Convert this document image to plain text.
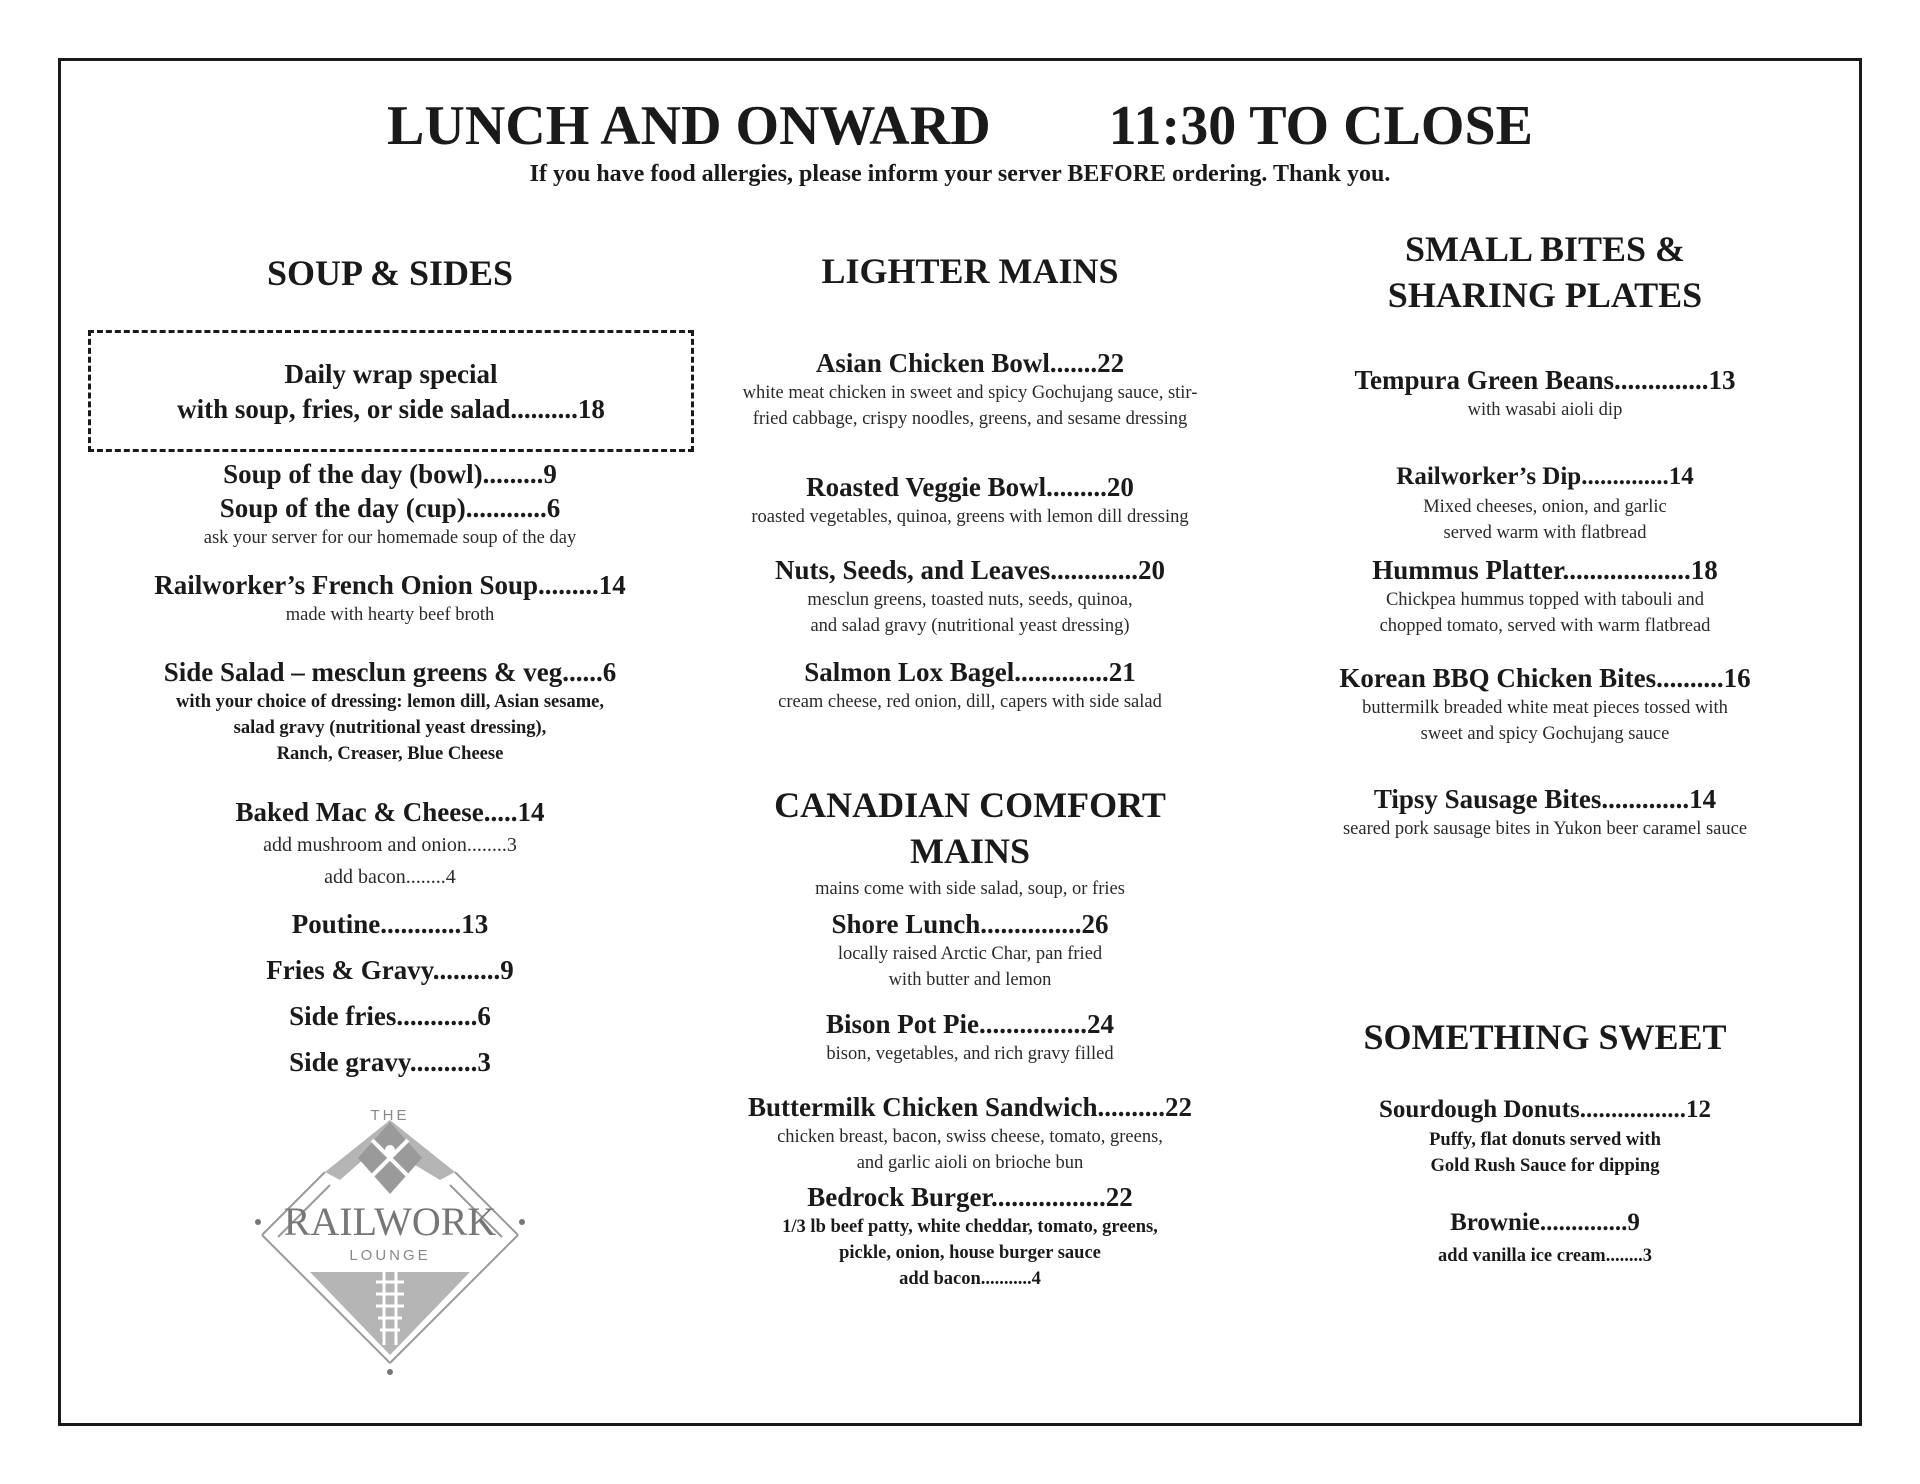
LUNCH AND ONWARD 11:30 TO CLOSE
If you have food allergies, please inform your server BEFORE ordering. Thank you.
SOUP & SIDES
Daily wrap special
with soup, fries, or side salad..........18
Soup of the day (bowl).........9
Soup of the day (cup)............6
ask your server for our homemade soup of the day
Railworker’s French Onion Soup.........14
made with hearty beef broth
Side Salad – mesclun greens & veg......6
with your choice of dressing: lemon dill, Asian sesame,
salad gravy (nutritional yeast dressing),
Ranch, Creaser, Blue Cheese
Baked Mac & Cheese.....14
add mushroom and onion........3
add bacon........4
Poutine............13
Fries & Gravy..........9
Side fries............6
Side gravy..........3
THE
RAILWORK
LOUNGE
LIGHTER MAINS
Asian Chicken Bowl.......22
white meat chicken in sweet and spicy Gochujang sauce, stir-
fried cabbage, crispy noodles, greens, and sesame dressing
Roasted Veggie Bowl.........20
roasted vegetables, quinoa, greens with lemon dill dressing
Nuts, Seeds, and Leaves.............20
mesclun greens, toasted nuts, seeds, quinoa,
and salad gravy (nutritional yeast dressing)
Salmon Lox Bagel..............21
cream cheese, red onion, dill, capers with side salad
CANADIAN COMFORT
MAINS
mains come with side salad, soup, or fries
Shore Lunch...............26
locally raised Arctic Char, pan fried
with butter and lemon
Bison Pot Pie................24
bison, vegetables, and rich gravy filled
Buttermilk Chicken Sandwich..........22
chicken breast, bacon, swiss cheese, tomato, greens,
and garlic aioli on brioche bun
Bedrock Burger.................22
1/3 lb beef patty, white cheddar, tomato, greens,
pickle, onion, house burger sauce
add bacon...........4
SMALL BITES &
SHARING PLATES
Tempura Green Beans..............13
with wasabi aioli dip
Railworker’s Dip..............14
Mixed cheeses, onion, and garlic
served warm with flatbread
Hummus Platter...................18
Chickpea hummus topped with tabouli and
chopped tomato, served with warm flatbread
Korean BBQ Chicken Bites..........16
buttermilk breaded white meat pieces tossed with
sweet and spicy Gochujang sauce
Tipsy Sausage Bites.............14
seared pork sausage bites in Yukon beer caramel sauce
SOMETHING SWEET
Sourdough Donuts.................12
Puffy, flat donuts served with
Gold Rush Sauce for dipping
Brownie..............9
add vanilla ice cream........3
